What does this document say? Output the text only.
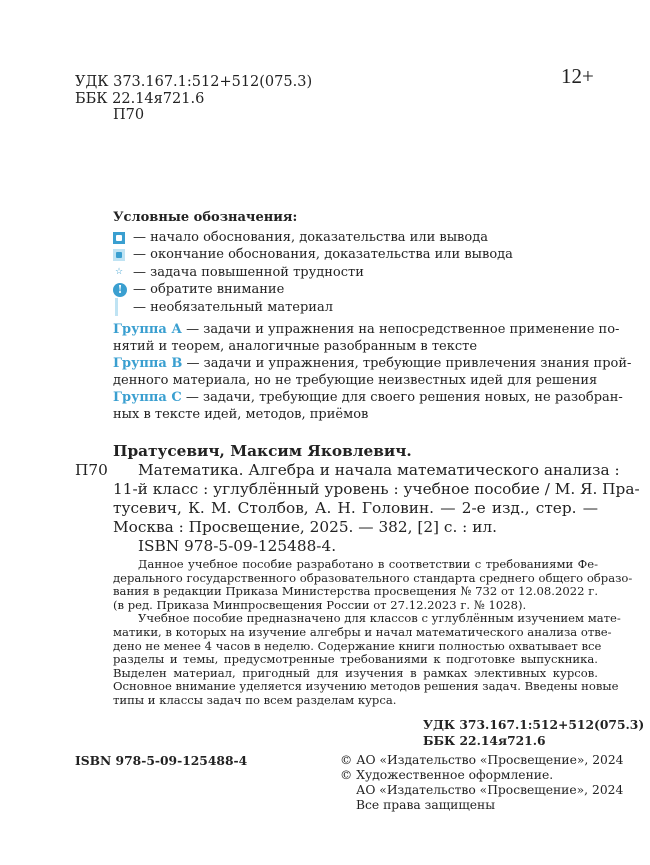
УДК 373.167.1:512+512(075.3)
ББК 22.14я721.6
П70
12+
Условные обозначения:
— начало обоснования, доказательства или вывода
— окончание обоснования, доказательства или вывода
☆ — задача повышенной трудности
! — обратите внимание
— необязательный материал
Группа А — задачи и упражнения на непосредственное применение по-
нятий и теорем, аналогичные разобранным в тексте
Группа В — задачи и упражнения, требующие привлечения знания прой-
денного материала, но не требующие неизвестных идей для решения
Группа С — задачи, требующие для своего решения новых, не разобран-
ных в тексте идей, методов, приёмов
Пратусевич, Максим Яковлевич.
П70	Математика. Алгебра и начала математического анализа :
11-й класс : углублённый уровень : учебное пособие / М. Я. Пра-
тусевич, К. М. Столбов, А. Н. Головин. — 2-е изд., стер. —
Москва : Просвещение, 2025. — 382, [2] с. : ил.
ISBN 978-5-09-125488-4.
Данное учебное пособие разработано в соответствии с требованиями Фе-
дерального государственного образовательного стандарта среднего общего образо-
вания в редакции Приказа Министерства просвещения № 732 от 12.08.2022 г.
(в ред. Приказа Минпросвещения России от 27.12.2023 г. № 1028).
Учебное пособие предназначено для классов с углублённым изучением мате-
матики, в которых на изучение алгебры и начал математического анализа отве-
дено не менее 4 часов в неделю. Содержание книги полностью охватывает все
разделы и темы, предусмотренные требованиями к подготовке выпускника.
Выделен материал, пригодный для изучения в рамках элективных курсов.
Основное внимание уделяется изучению методов решения задач. Введены новые
типы и классы задач по всем разделам курса.
УДК 373.167.1:512+512(075.3)
ББК 22.14я721.6
ISBN 978-5-09-125488-4	© АО «Издательство «Просвещение», 2024
© Художественное оформление.
АО «Издательство «Просвещение», 2024
Все права защищены
